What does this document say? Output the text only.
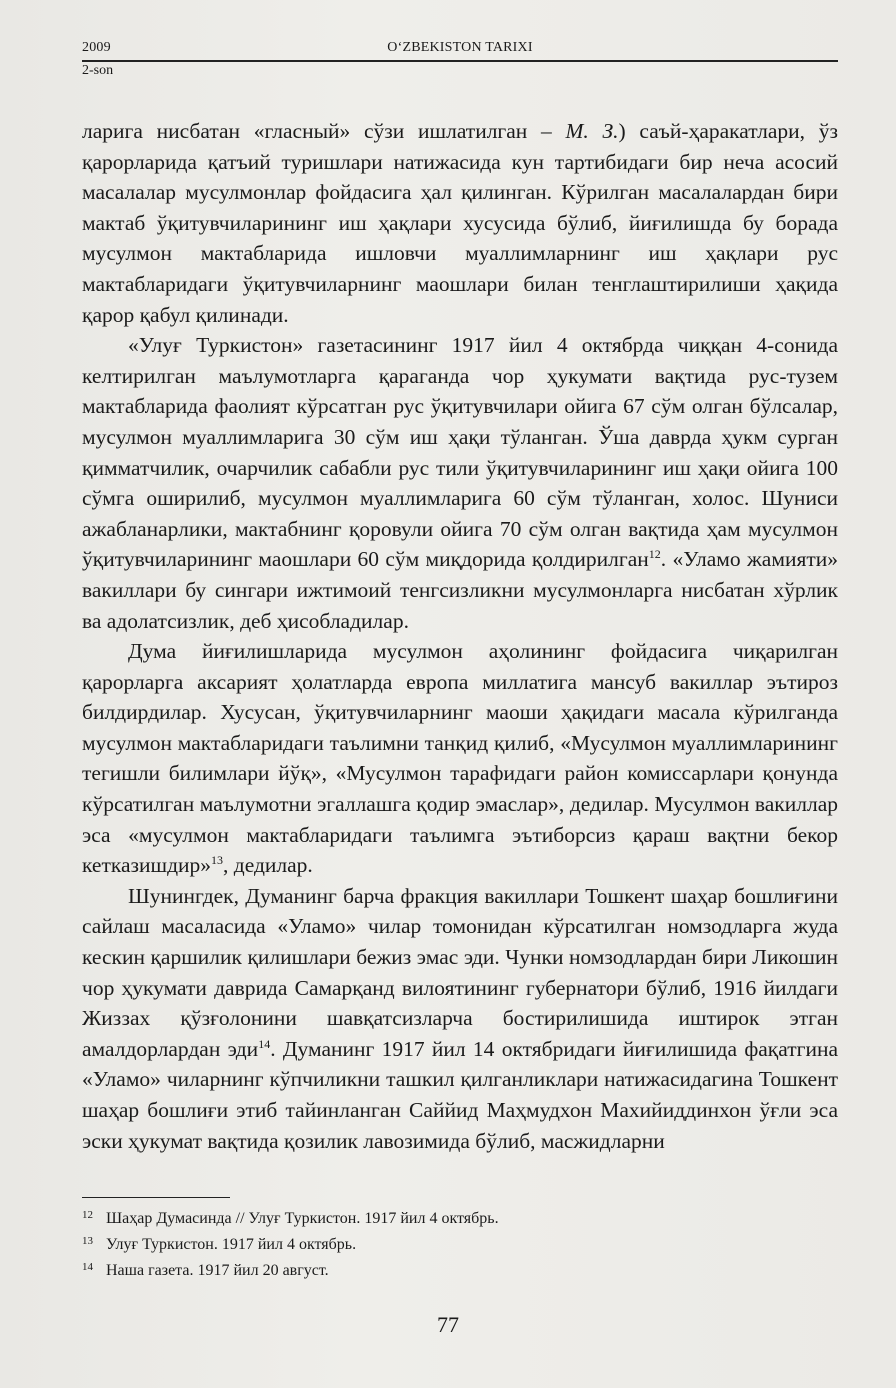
2009	O‘ZBEKISTON TARIXI
2-son

ларига нисбатан «гласный» сўзи ишлатилган – М. З.) саъй-ҳаракатлари, ўз қарорларида қатъий туришлари натижасида кун тартибидаги бир неча асосий масалалар мусулмонлар фойдасига ҳал қилинган. Кўрилган масалалардан бири мактаб ўқитувчиларининг иш ҳақлари хусусида бўлиб, йиғилишда бу борада мусулмон мактабларида ишловчи муаллимларнинг иш ҳақлари рус мактабларидаги ўқитувчиларнинг маошлари билан тенглаштирилиши ҳақида қарор қабул қилинади.

«Улуғ Туркистон» газетасининг 1917 йил 4 октябрда чиққан 4-сонида келтирилган маълумотларга қараганда чор ҳукумати вақтида рус-тузем мактабларида фаолият кўрсатган рус ўқитувчилари ойига 67 сўм олган бўлсалар, мусулмон муаллимларига 30 сўм иш ҳақи тўланган. Ўша даврда ҳукм сурган қимматчилик, очарчилик сабабли рус тили ўқитувчиларининг иш ҳақи ойига 100 сўмга оширилиб, мусулмон муаллимларига 60 сўм тўланган, холос. Шуниси ажабланарлики, мактабнинг қоровули ойига 70 сўм олган вақтида ҳам мусулмон ўқитувчиларининг маошлари 60 сўм миқдорида қолдирилган$^{12}$. «Уламо жамияти» вакиллари бу сингари ижтимоий тенгсизликни мусулмонларга нисбатан хўрлик ва адолатсизлик, деб ҳисобладилар.

Дума йиғилишларида мусулмон аҳолининг фойдасига чиқарилган қарорларга аксарият ҳолатларда европа миллатига мансуб вакиллар эътироз билдирдилар. Хусусан, ўқитувчиларнинг маоши ҳақидаги масала кўрилганда мусулмон мактабларидаги таълимни танқид қилиб, «Мусулмон муаллимларининг тегишли билимлари йўқ», «Мусулмон тарафидаги район комиссарлари қонунда кўрсатилган маълумотни эгаллашга қодир эмаслар», дедилар. Мусулмон вакиллар эса «мусулмон мактабларидаги таълимга эътиборсиз қараш вақтни бекор кетказишдир»$^{13}$, дедилар.

Шунингдек, Думанинг барча фракция вакиллари Тошкент шаҳар бошлиғини сайлаш масаласида «Уламо» чилар томонидан кўрсатилган номзодларга жуда кескин қаршилик қилишлари бежиз эмас эди. Чунки номзодлардан бири Ликошин чор ҳукумати даврида Самарқанд вилоятининг губернатори бўлиб, 1916 йилдаги Жиззах қўзғолонини шавқатсизларча бостирилишида иштирок этган амалдорлардан эди$^{14}$. Думанинг 1917 йил 14 октябридаги йиғилишида фақатгина «Уламо» чиларнинг кўпчиликни ташкил қилганликлари натижасидагина Тошкент шаҳар бошлиғи этиб тайинланган Саййид Маҳмудхон Махийиддинхон ўғли эса эски ҳукумат вақтида қозилик лавозимида бўлиб, масжидларни

12 Шаҳар Думасинда // Улуғ Туркистон. 1917 йил 4 октябрь.
13 Улуғ Туркистон. 1917 йил 4 октябрь.
14 Наша газета. 1917 йил 20 август.
77
